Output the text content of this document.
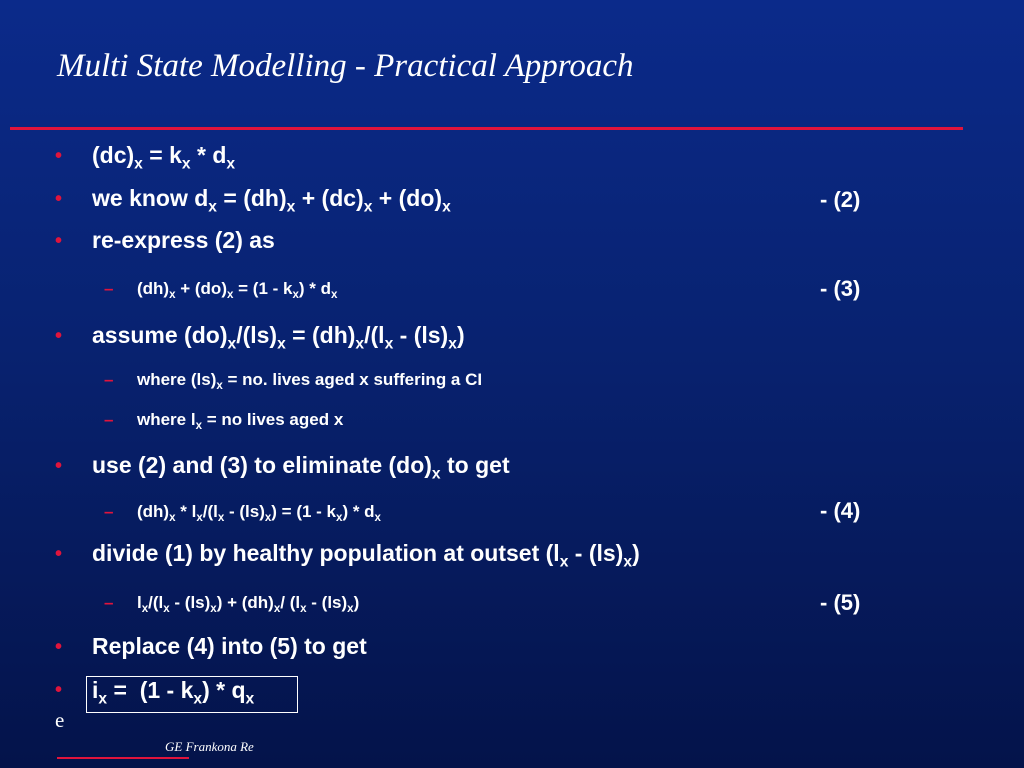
Multi State Modelling - Practical Approach
• $(dc)_x = k_x * d_x$
• we know $d_x = (dh)_x + (dc)_x + (do)_x$	- (2)
• re-express (2) as
– $(dh)_x + (do)_x = (1 - k_x) * d_x$	- (3)
• assume $(do)_x/(ls)_x = (dh)_x/(l_x - (ls)_x)$
– where $(ls)_x$ = no. lives aged x suffering a CI
– where $l_x$ = no lives aged x
• use (2) and (3) to eliminate $(do)_x$ to get
– $(dh)_x * l_x/(l_x - (ls)_x) = (1 - k_x) * d_x$	- (4)
• divide (1) by healthy population at outset $(l_x - (ls)_x)$
– $l_x/(l_x - (ls)_x) + (dh)_x/$ $(l_x - (ls)_x)$	- (5)
• Replace (4) into (5) to get
• $i_x = (1 - k_x) * q_x$
e
GE Frankona Re
